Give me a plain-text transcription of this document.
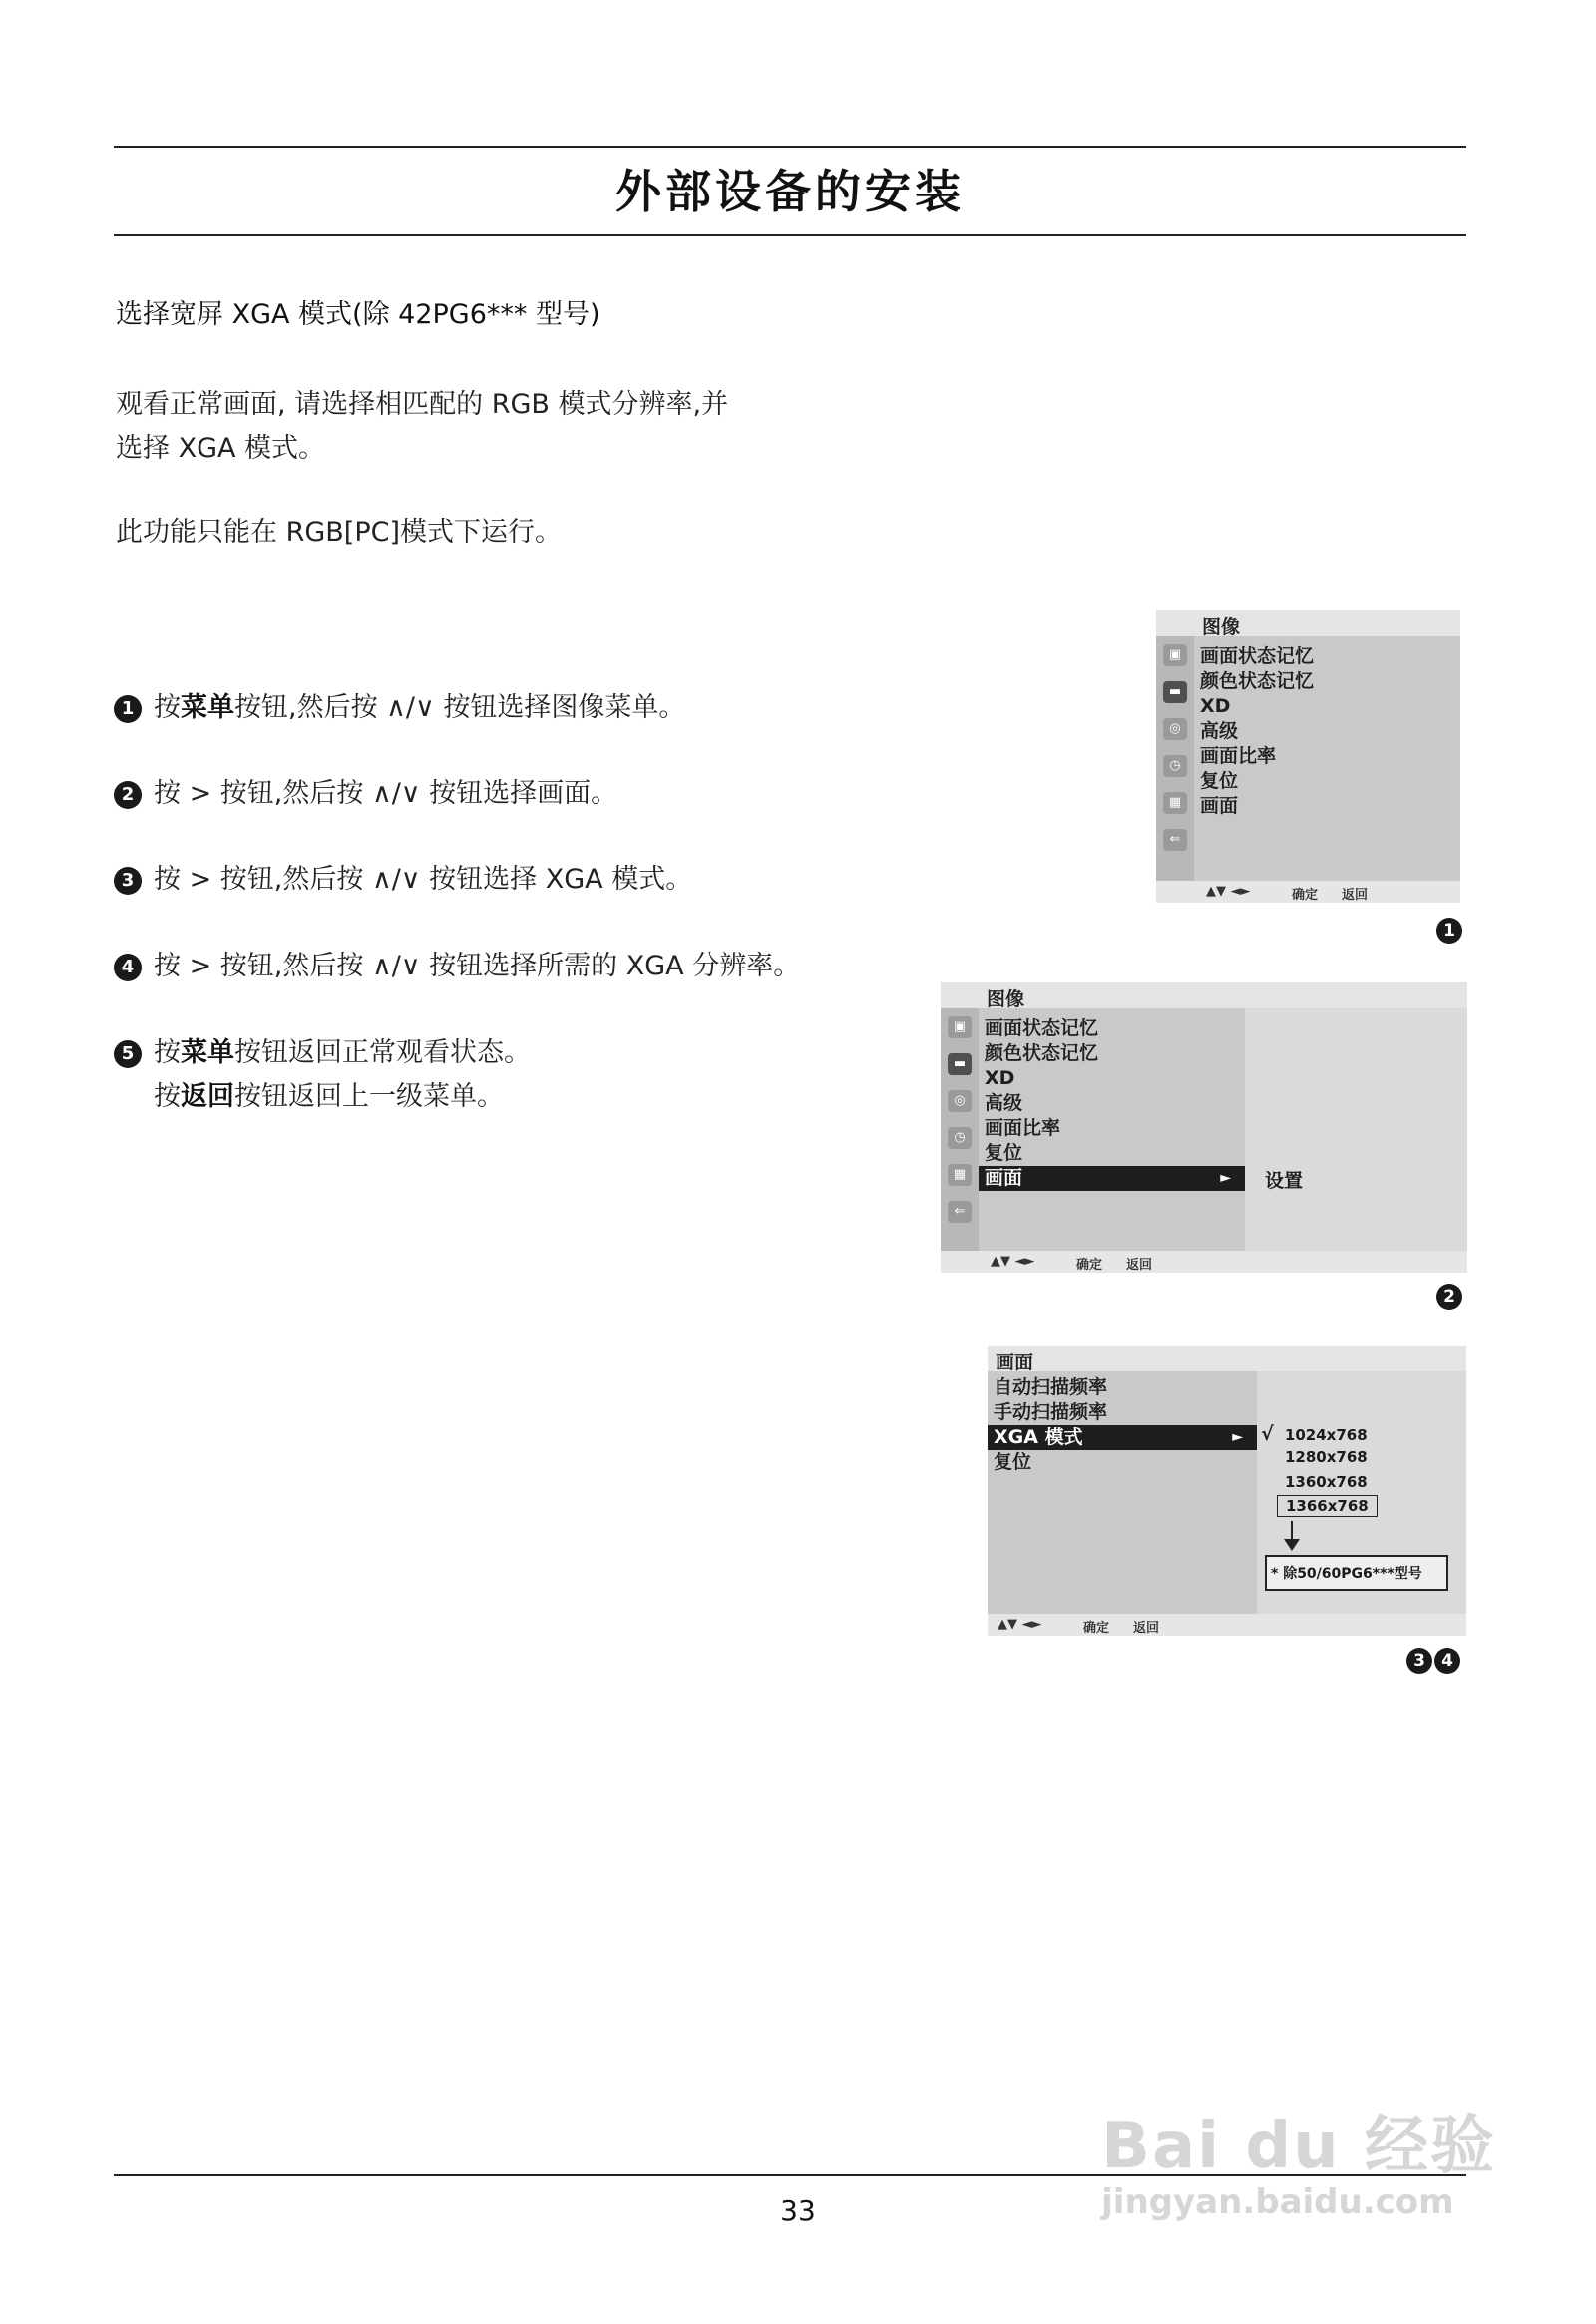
外部设备的安装
选择宽屏 XGA 模式(除 42PG6*** 型号)
观看正常画面, 请选择相匹配的 RGB 模式分辨率,并
选择 XGA 模式。
此功能只能在 RGB[PC]模式下运行。
1 按菜单按钮,然后按 ∧/∨ 按钮选择图像菜单。
2 按 > 按钮,然后按 ∧/∨ 按钮选择画面。
3 按 > 按钮,然后按 ∧/∨ 按钮选择 XGA 模式。
4 按 > 按钮,然后按 ∧/∨ 按钮选择所需的 XGA 分辨率。
5 按菜单按钮返回正常观看状态。
按返回按钮返回上一级菜单。
图像
▣
▬
◎
◷
▦
⇐
画面状态记忆
颜色状态记忆
XD
高级
画面比率
复位
画面
▲▼ ◄►	确定 返回
1
图像
▣
▬
◎
◷
▦
⇐
设置
画面状态记忆
颜色状态记忆
XD
高级
画面比率
复位
画面	►
▲▼ ◄►	确定 返回
2
画面
√ 1024x768
1280x768
1360x768
1366x768
* 除50/60PG6***型号
自动扫描频率
手动扫描频率
XGA 模式	►
复位
▲▼ ◄►	确定 返回
3 4
33
Bai du 经验
jingyan.baidu.com
